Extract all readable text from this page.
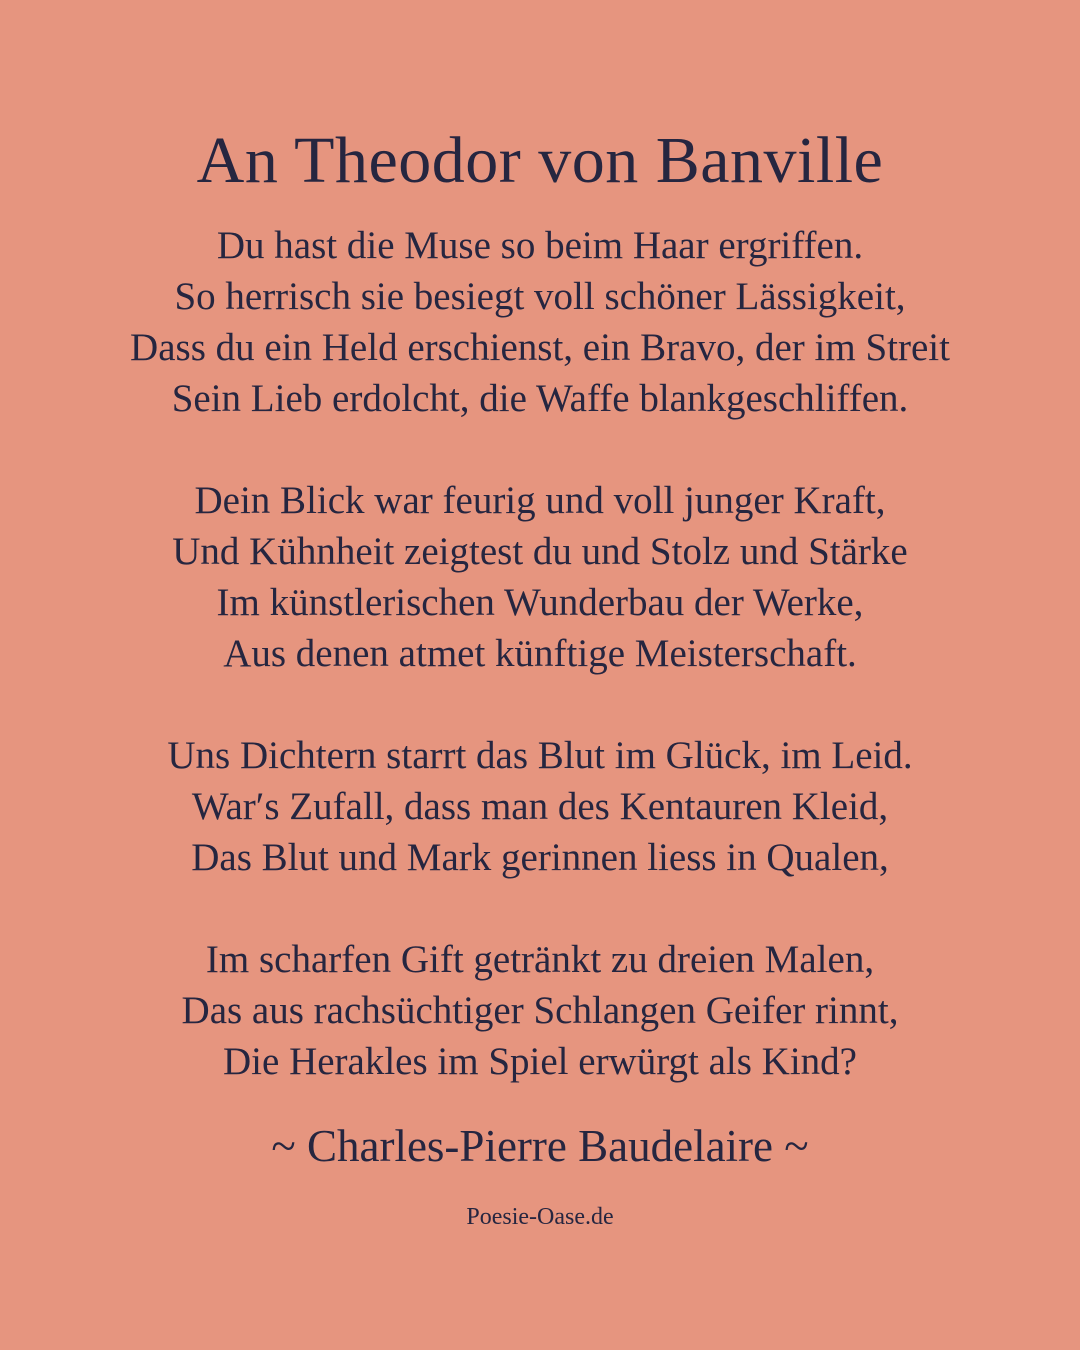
An Theodor von Banville
Du hast die Muse so beim Haar ergriffen.
So herrisch sie besiegt voll schöner Lässigkeit,
Dass du ein Held erschienst, ein Bravo, der im Streit
Sein Lieb erdolcht, die Waffe blankgeschliffen.
Dein Blick war feurig und voll junger Kraft,
Und Kühnheit zeigtest du und Stolz und Stärke
Im künstlerischen Wunderbau der Werke,
Aus denen atmet künftige Meisterschaft.
Uns Dichtern starrt das Blut im Glück, im Leid.
War′s Zufall, dass man des Kentauren Kleid,
Das Blut und Mark gerinnen liess in Qualen,
Im scharfen Gift getränkt zu dreien Malen,
Das aus rachsüchtiger Schlangen Geifer rinnt,
Die Herakles im Spiel erwürgt als Kind?
~ Charles-Pierre Baudelaire ~
Poesie-Oase.de
